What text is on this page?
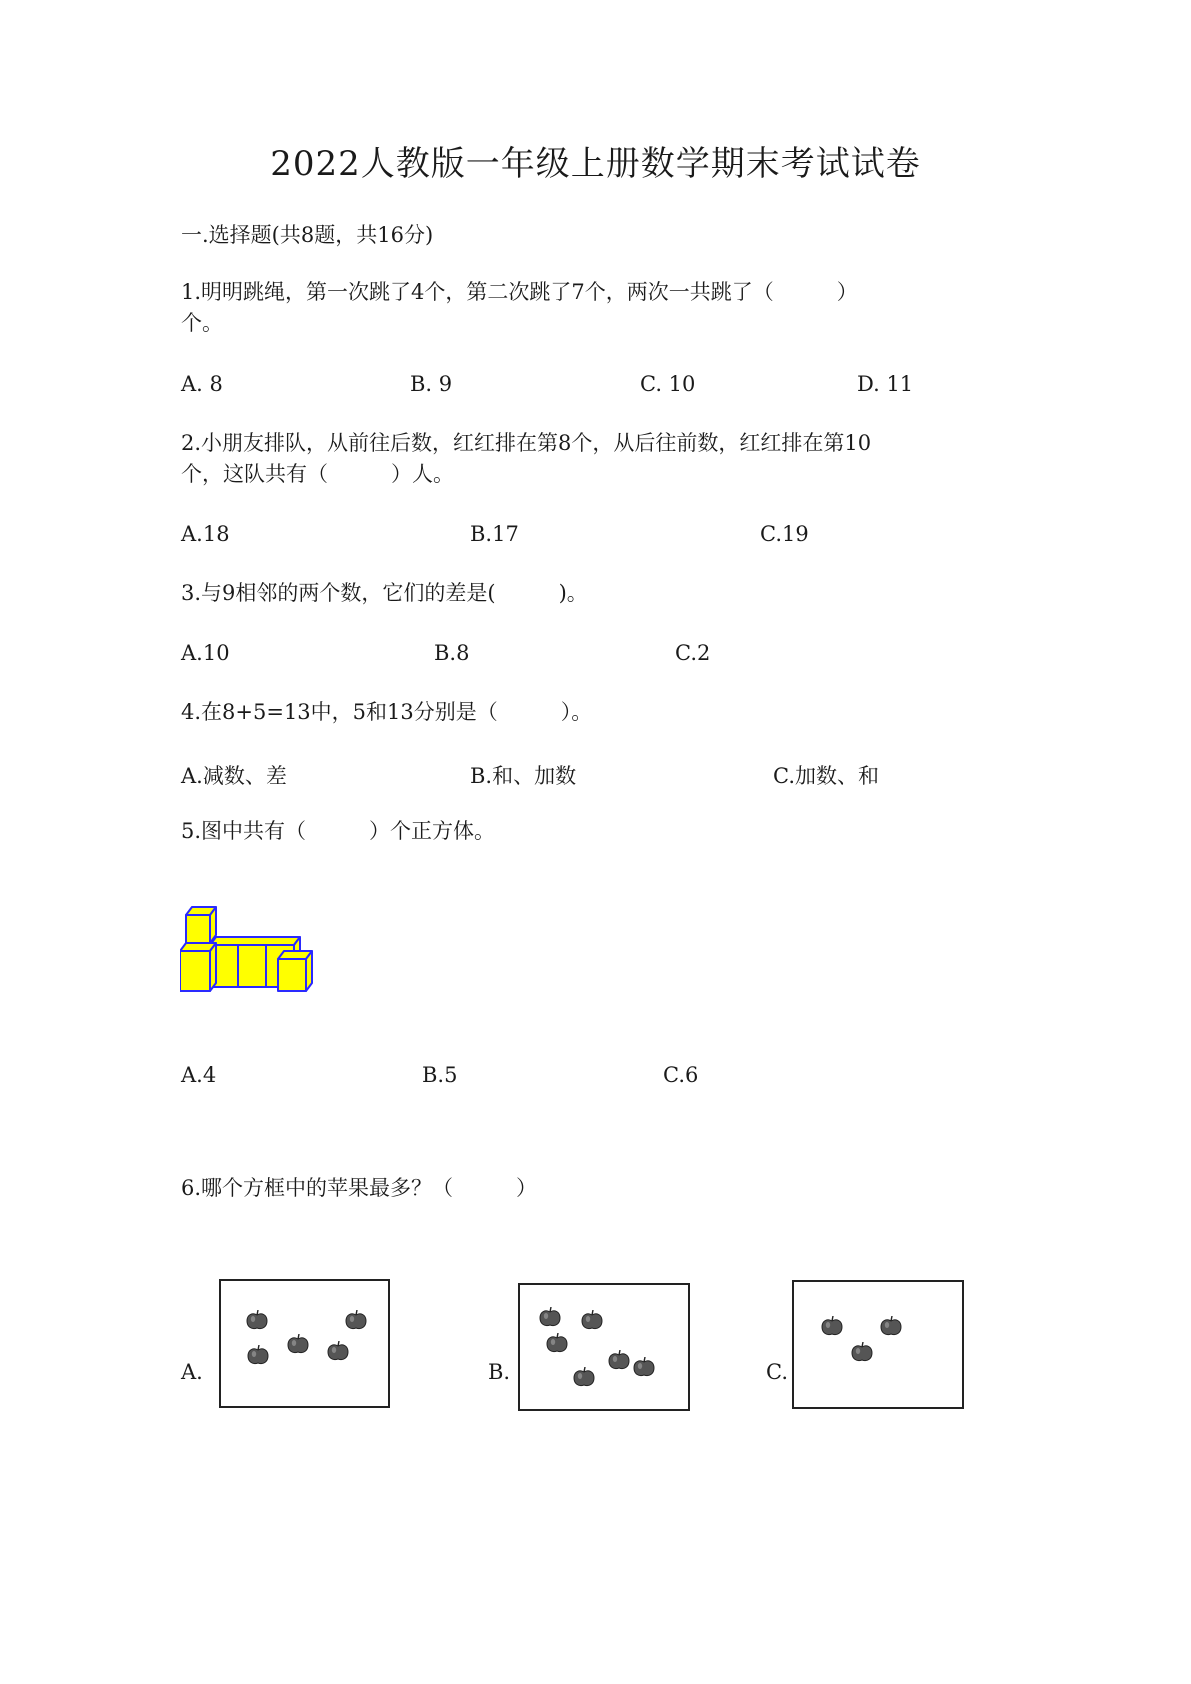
2022人教版一年级上册数学期末考试试卷
一.选择题(共8题，共16分)
1.明明跳绳，第一次跳了4个，第二次跳了7个，两次一共跳了（　　　）
个。
A. 8	B. 9	C. 10	D. 11
2.小朋友排队，从前往后数，红红排在第8个，从后往前数，红红排在第10
个，这队共有（　　　）人。
A.18	B.17	C.19
3.与9相邻的两个数，它们的差是(　　　)。
A.10	B.8	C.2
4.在8+5=13中，5和13分别是（　　　）。
A.减数、差	B.和、加数	C.加数、和
5.图中共有（　　　）个正方体。
A.4	B.5	C.6
6.哪个方框中的苹果最多？（　　　）
A.	B.	C.
